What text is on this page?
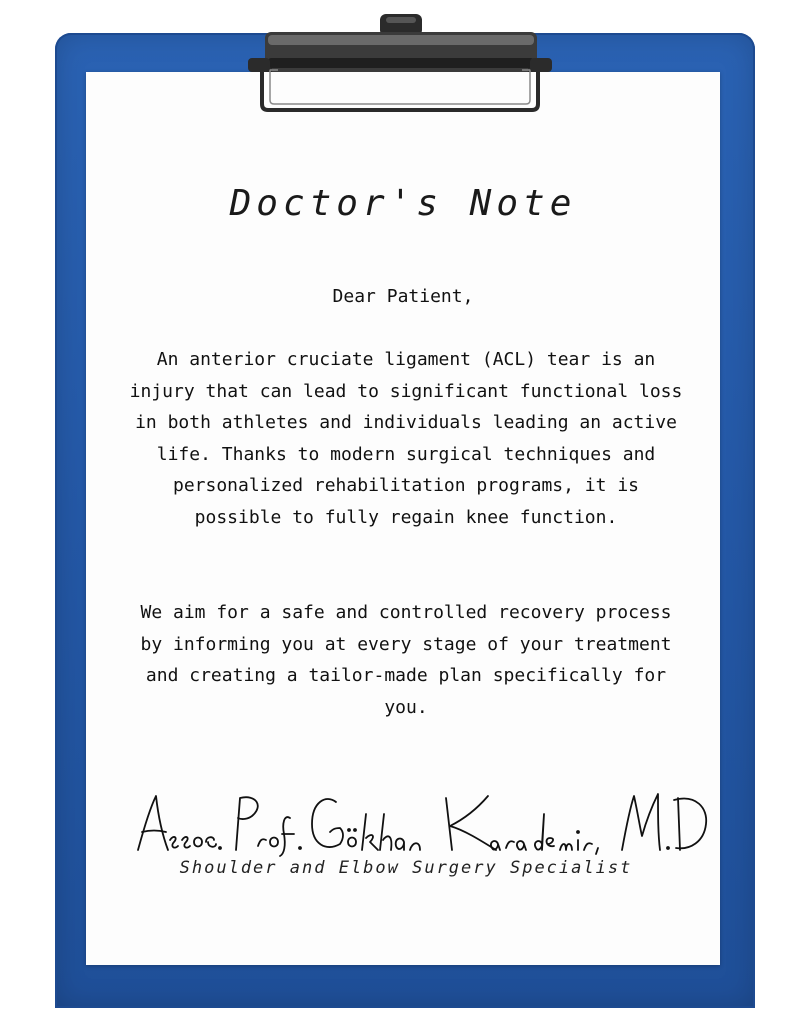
Doctor's Note

Dear Patient,

An anterior cruciate ligament (ACL) tear is an injury that can lead to significant functional loss in both athletes and individuals leading an active life. Thanks to modern surgical techniques and personalized rehabilitation programs, it is possible to fully regain knee function.

We aim for a safe and controlled recovery process by informing you at every stage of your treatment and creating a tailor-made plan specifically for you.

Assoc. Prof. Gökhan Karademir, M.D

Shoulder and Elbow Surgery Specialist
